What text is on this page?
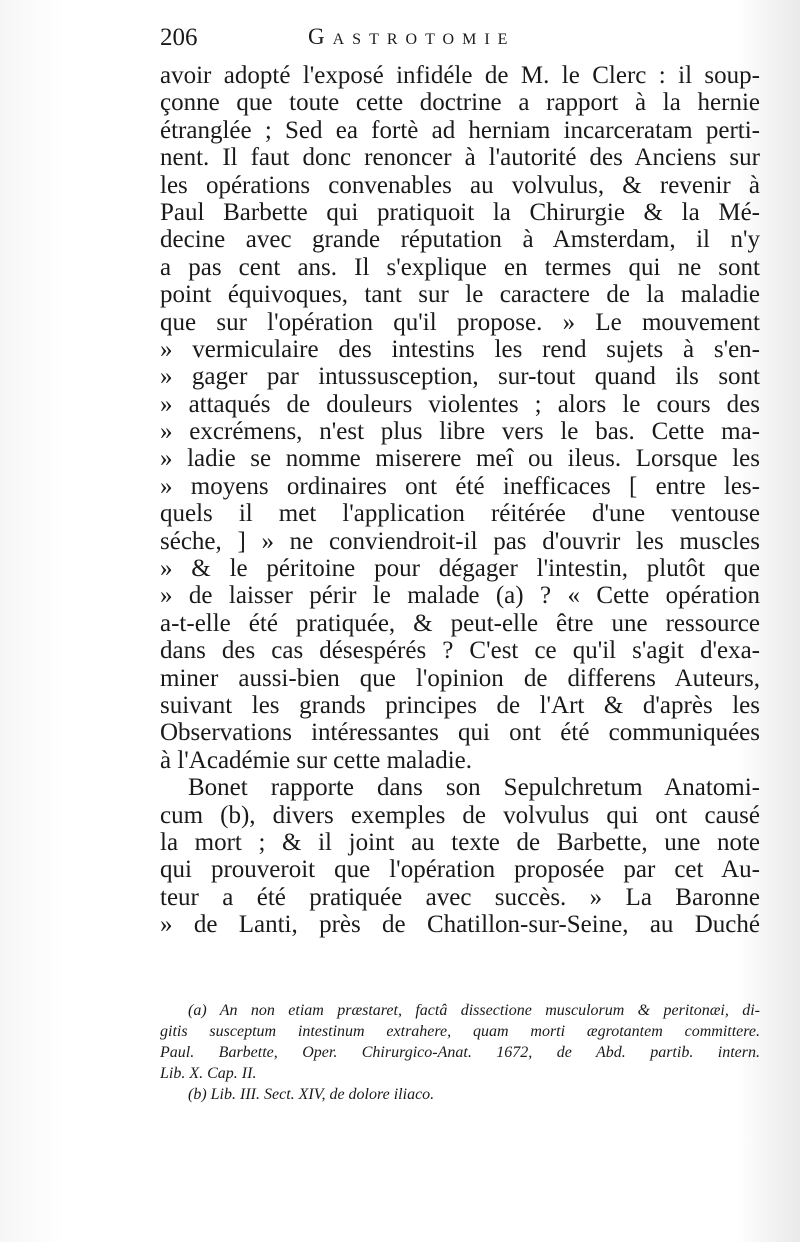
206	Gastrotomie
avoir adopté l'exposé infidéle de M. le Clerc : il soup-
çonne que toute cette doctrine a rapport à la hernie
étranglée ; Sed ea fortè ad herniam incarceratam perti-
nent. Il faut donc renoncer à l'autorité des Anciens sur
les opérations convenables au volvulus, & revenir à
Paul Barbette qui pratiquoit la Chirurgie & la Mé-
decine avec grande réputation à Amsterdam, il n'y
a pas cent ans. Il s'explique en termes qui ne sont
point équivoques, tant sur le caractere de la maladie
que sur l'opération qu'il propose. » Le mouvement
» vermiculaire des intestins les rend sujets à s'en-
» gager par intussusception, sur-tout quand ils sont
» attaqués de douleurs violentes ; alors le cours des
» excrémens, n'est plus libre vers le bas. Cette ma-
» ladie se nomme miserere meî ou ileus. Lorsque les
» moyens ordinaires ont été inefficaces [ entre les-
quels il met l'application réitérée d'une ventouse
séche, ] » ne conviendroit-il pas d'ouvrir les muscles
» & le péritoine pour dégager l'intestin, plutôt que
» de laisser périr le malade (a) ? « Cette opération
a-t-elle été pratiquée, & peut-elle être une ressource
dans des cas désespérés ? C'est ce qu'il s'agit d'exa-
miner aussi-bien que l'opinion de differens Auteurs,
suivant les grands principes de l'Art & d'après les
Observations intéressantes qui ont été communiquées
à l'Académie sur cette maladie.
Bonet rapporte dans son Sepulchretum Anatomi-
cum (b), divers exemples de volvulus qui ont causé
la mort ; & il joint au texte de Barbette, une note
qui prouveroit que l'opération proposée par cet Au-
teur a été pratiquée avec succès. » La Baronne
» de Lanti, près de Chatillon-sur-Seine, au Duché
(a) An non etiam præstaret, factâ dissectione musculorum & peritonæi, di-
gitis susceptum intestinum extrahere, quam morti ægrotantem committere.
Paul. Barbette, Oper. Chirurgico-Anat. 1672, de Abd. partib. intern.
Lib. X. Cap. II.
(b) Lib. III. Sect. XIV, de dolore iliaco.
